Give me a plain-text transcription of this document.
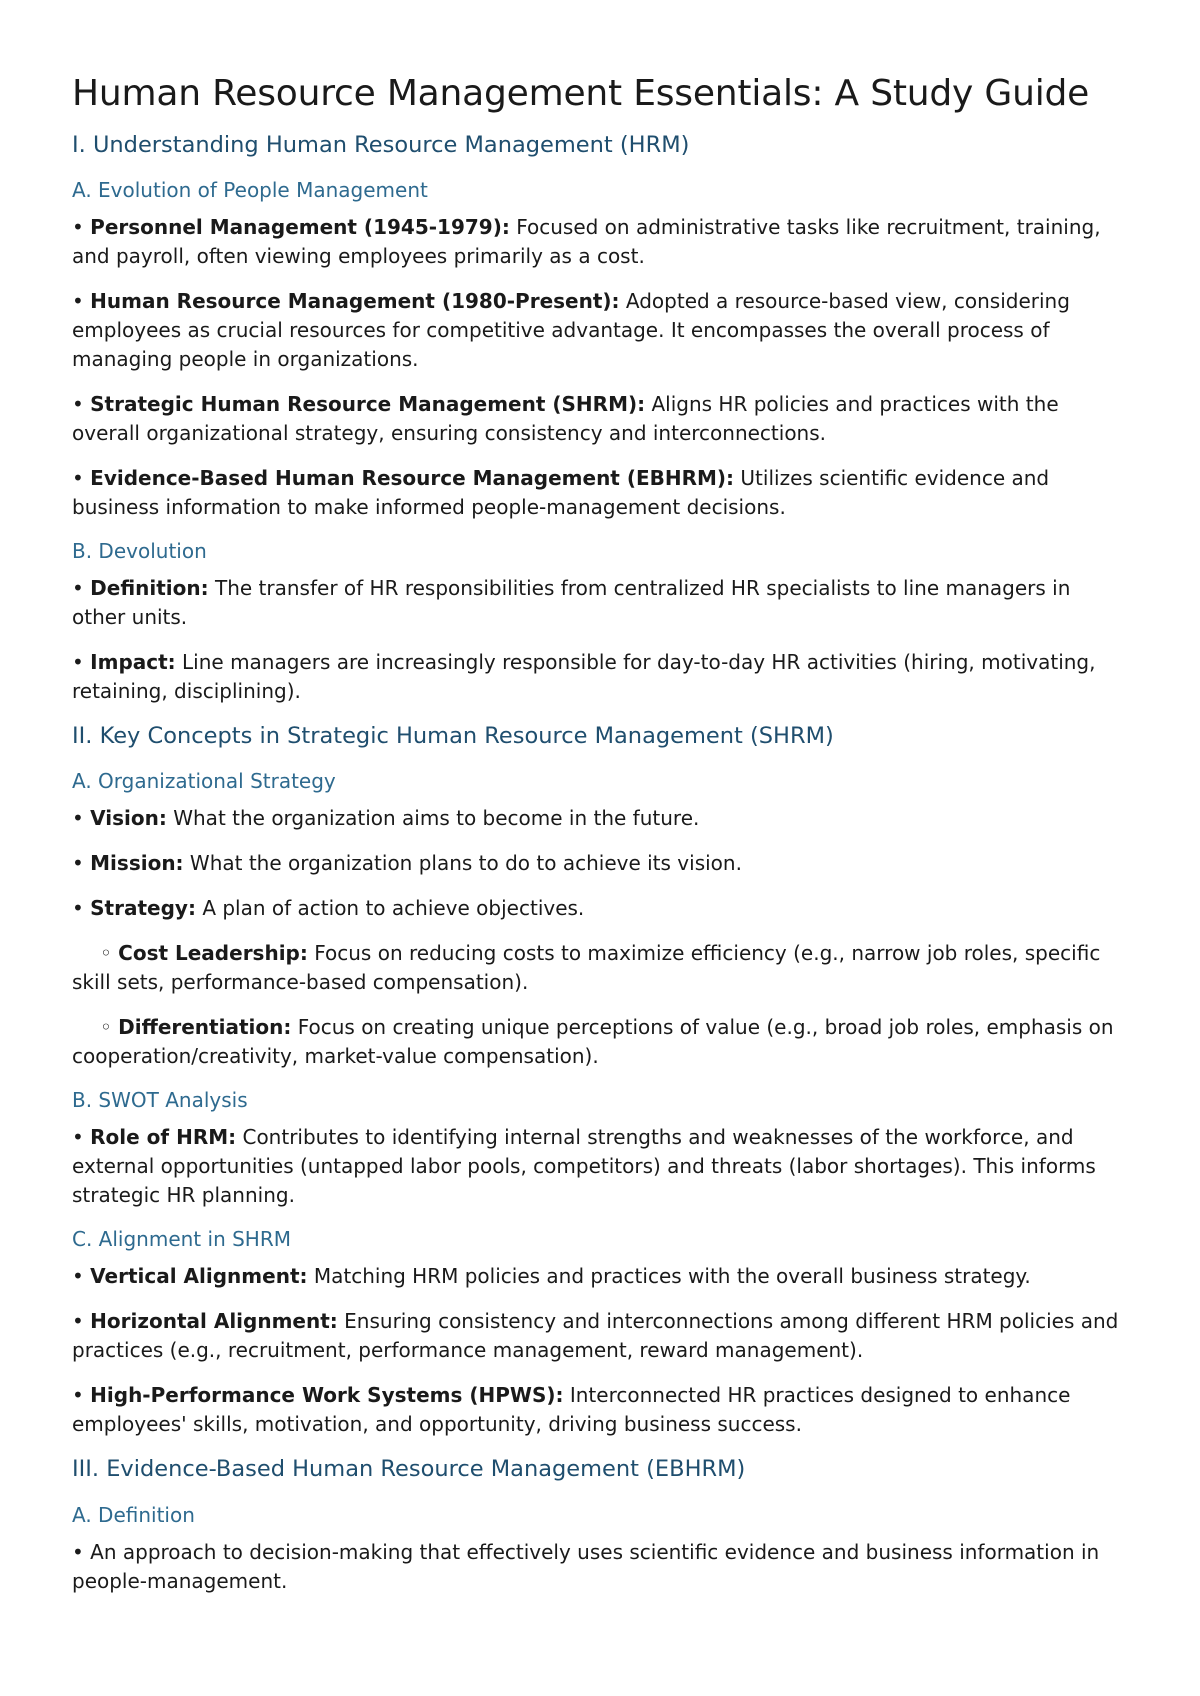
Human Resource Management Essentials: A Study Guide
I. Understanding Human Resource Management (HRM)
A. Evolution of People Management
• Personnel Management (1945-1979): Focused on administrative tasks like recruitment, training, and payroll, often viewing employees primarily as a cost.
• Human Resource Management (1980-Present): Adopted a resource-based view, considering employees as crucial resources for competitive advantage. It encompasses the overall process of managing people in organizations.
• Strategic Human Resource Management (SHRM): Aligns HR policies and practices with the overall organizational strategy, ensuring consistency and interconnections.
• Evidence-Based Human Resource Management (EBHRM): Utilizes scientific evidence and business information to make informed people-management decisions.
B. Devolution
• Definition: The transfer of HR responsibilities from centralized HR specialists to line managers in other units.
• Impact: Line managers are increasingly responsible for day-to-day HR activities (hiring, motivating, retaining, disciplining).
II. Key Concepts in Strategic Human Resource Management (SHRM)
A. Organizational Strategy
• Vision: What the organization aims to become in the future.
• Mission: What the organization plans to do to achieve its vision.
• Strategy: A plan of action to achieve objectives.
◦ Cost Leadership: Focus on reducing costs to maximize efficiency (e.g., narrow job roles, specific skill sets, performance-based compensation).
◦ Differentiation: Focus on creating unique perceptions of value (e.g., broad job roles, emphasis on cooperation/creativity, market-value compensation).
B. SWOT Analysis
• Role of HRM: Contributes to identifying internal strengths and weaknesses of the workforce, and external opportunities (untapped labor pools, competitors) and threats (labor shortages). This informs strategic HR planning.
C. Alignment in SHRM
• Vertical Alignment: Matching HRM policies and practices with the overall business strategy.
• Horizontal Alignment: Ensuring consistency and interconnections among different HRM policies and practices (e.g., recruitment, performance management, reward management).
• High-Performance Work Systems (HPWS): Interconnected HR practices designed to enhance employees' skills, motivation, and opportunity, driving business success.
III. Evidence-Based Human Resource Management (EBHRM)
A. Definition
• An approach to decision-making that effectively uses scientific evidence and business information in people-management.
